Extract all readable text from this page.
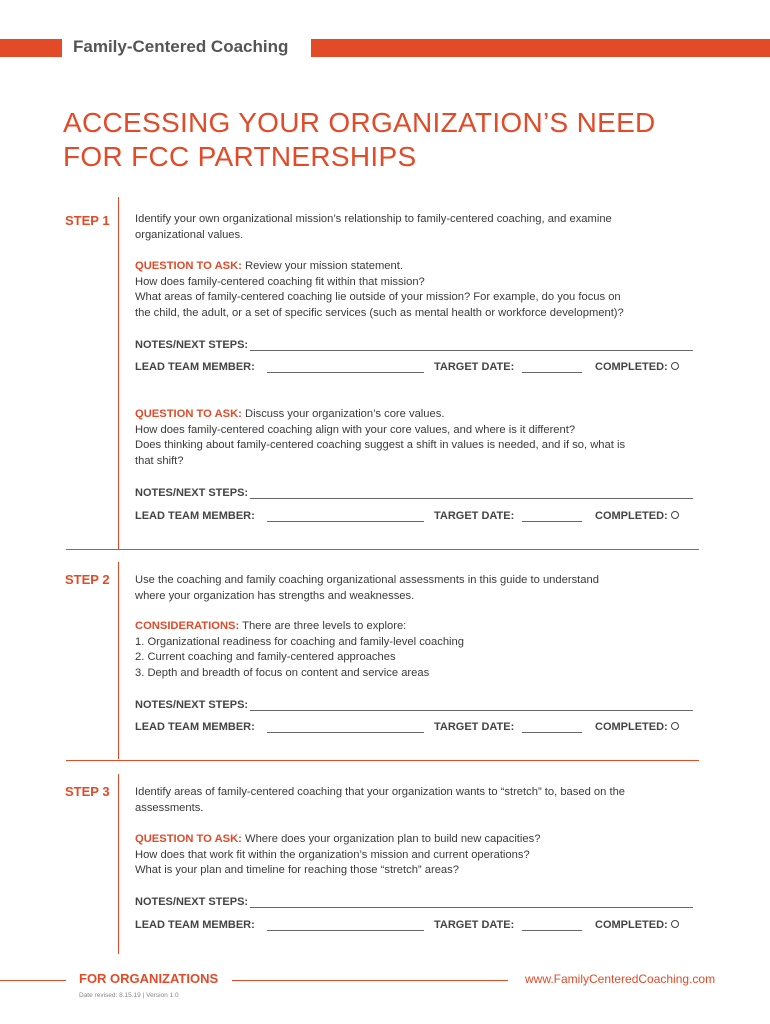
Family-Centered Coaching
ACCESSING YOUR ORGANIZATION’S NEED
FOR FCC PARTNERSHIPS
STEP 1 Identify your own organizational mission’s relationship to family-centered coaching, and examine
organizational values.
QUESTION TO ASK: Review your mission statement.
How does family-centered coaching fit within that mission?
What areas of family-centered coaching lie outside of your mission? For example, do you focus on
the child, the adult, or a set of specific services (such as mental health or workforce development)?
NOTES/NEXT STEPS:
LEAD TEAM MEMBER:	TARGET DATE:	COMPLETED:
QUESTION TO ASK: Discuss your organization’s core values.
How does family-centered coaching align with your core values, and where is it different?
Does thinking about family-centered coaching suggest a shift in values is needed, and if so, what is
that shift?
NOTES/NEXT STEPS:
LEAD TEAM MEMBER:	TARGET DATE:	COMPLETED:
STEP 2 Use the coaching and family coaching organizational assessments in this guide to understand
where your organization has strengths and weaknesses.
CONSIDERATIONS: There are three levels to explore:
1. Organizational readiness for coaching and family-level coaching
2. Current coaching and family-centered approaches
3. Depth and breadth of focus on content and service areas
NOTES/NEXT STEPS:
LEAD TEAM MEMBER:	TARGET DATE:	COMPLETED:
STEP 3 Identify areas of family-centered coaching that your organization wants to “stretch” to, based on the
assessments.
QUESTION TO ASK: Where does your organization plan to build new capacities?
How does that work fit within the organization’s mission and current operations?
What is your plan and timeline for reaching those “stretch” areas?
NOTES/NEXT STEPS:
LEAD TEAM MEMBER:	TARGET DATE:	COMPLETED:
FOR ORGANIZATIONS	www.FamilyCenteredCoaching.com
Date revised: 8.15.19 | Version 1.0
